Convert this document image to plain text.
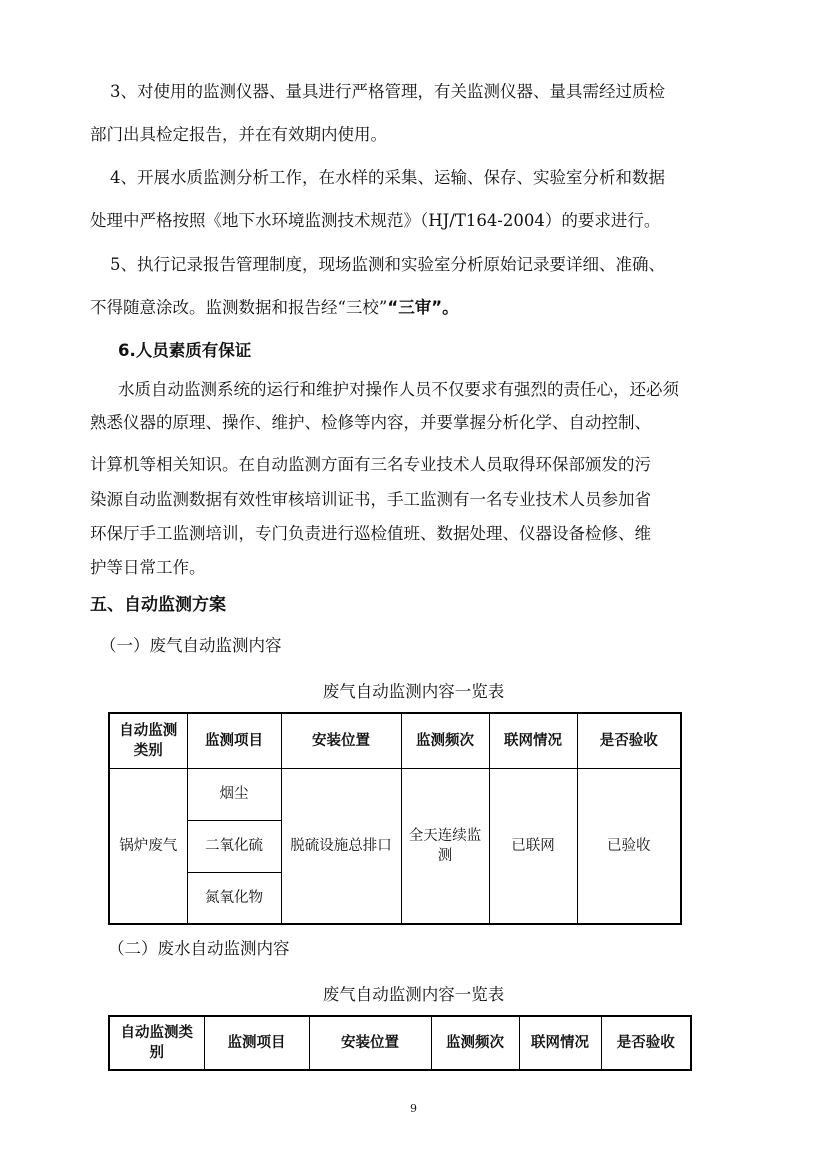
3、对使用的监测仪器、量具进行严格管理，有关监测仪器、量具需经过质检
部门出具检定报告，并在有效期内使用。
4、开展水质监测分析工作，在水样的采集、运输、保存、实验室分析和数据
处理中严格按照《地下水环境监测技术规范》（HJ/T164-2004）的要求进行。
5、执行记录报告管理制度，现场监测和实验室分析原始记录要详细、准确、
不得随意涂改。监测数据和报告经“三校”“三审”。
6.人员素质有保证
水质自动监测系统的运行和维护对操作人员不仅要求有强烈的责任心，还必须
熟悉仪器的原理、操作、维护、检修等内容，并要掌握分析化学、自动控制、
计算机等相关知识。在自动监测方面有三名专业技术人员取得环保部颁发的污
染源自动监测数据有效性审核培训证书，手工监测有一名专业技术人员参加省
环保厅手工监测培训，专门负责进行巡检值班、数据处理、仪器设备检修、维
护等日常工作。
五、自动监测方案
（一）废气自动监测内容
废气自动监测内容一览表
自动监测类别	监测项目	安装位置	监测频次	联网情况	是否验收
锅炉废气	烟尘	脱硫设施总排口	全天连续监测	已联网	已验收
	二氧化硫				
	氮氧化物				
（二）废水自动监测内容
废气自动监测内容一览表
自动监测类别	监测项目	安装位置	监测频次	联网情况	是否验收
9
